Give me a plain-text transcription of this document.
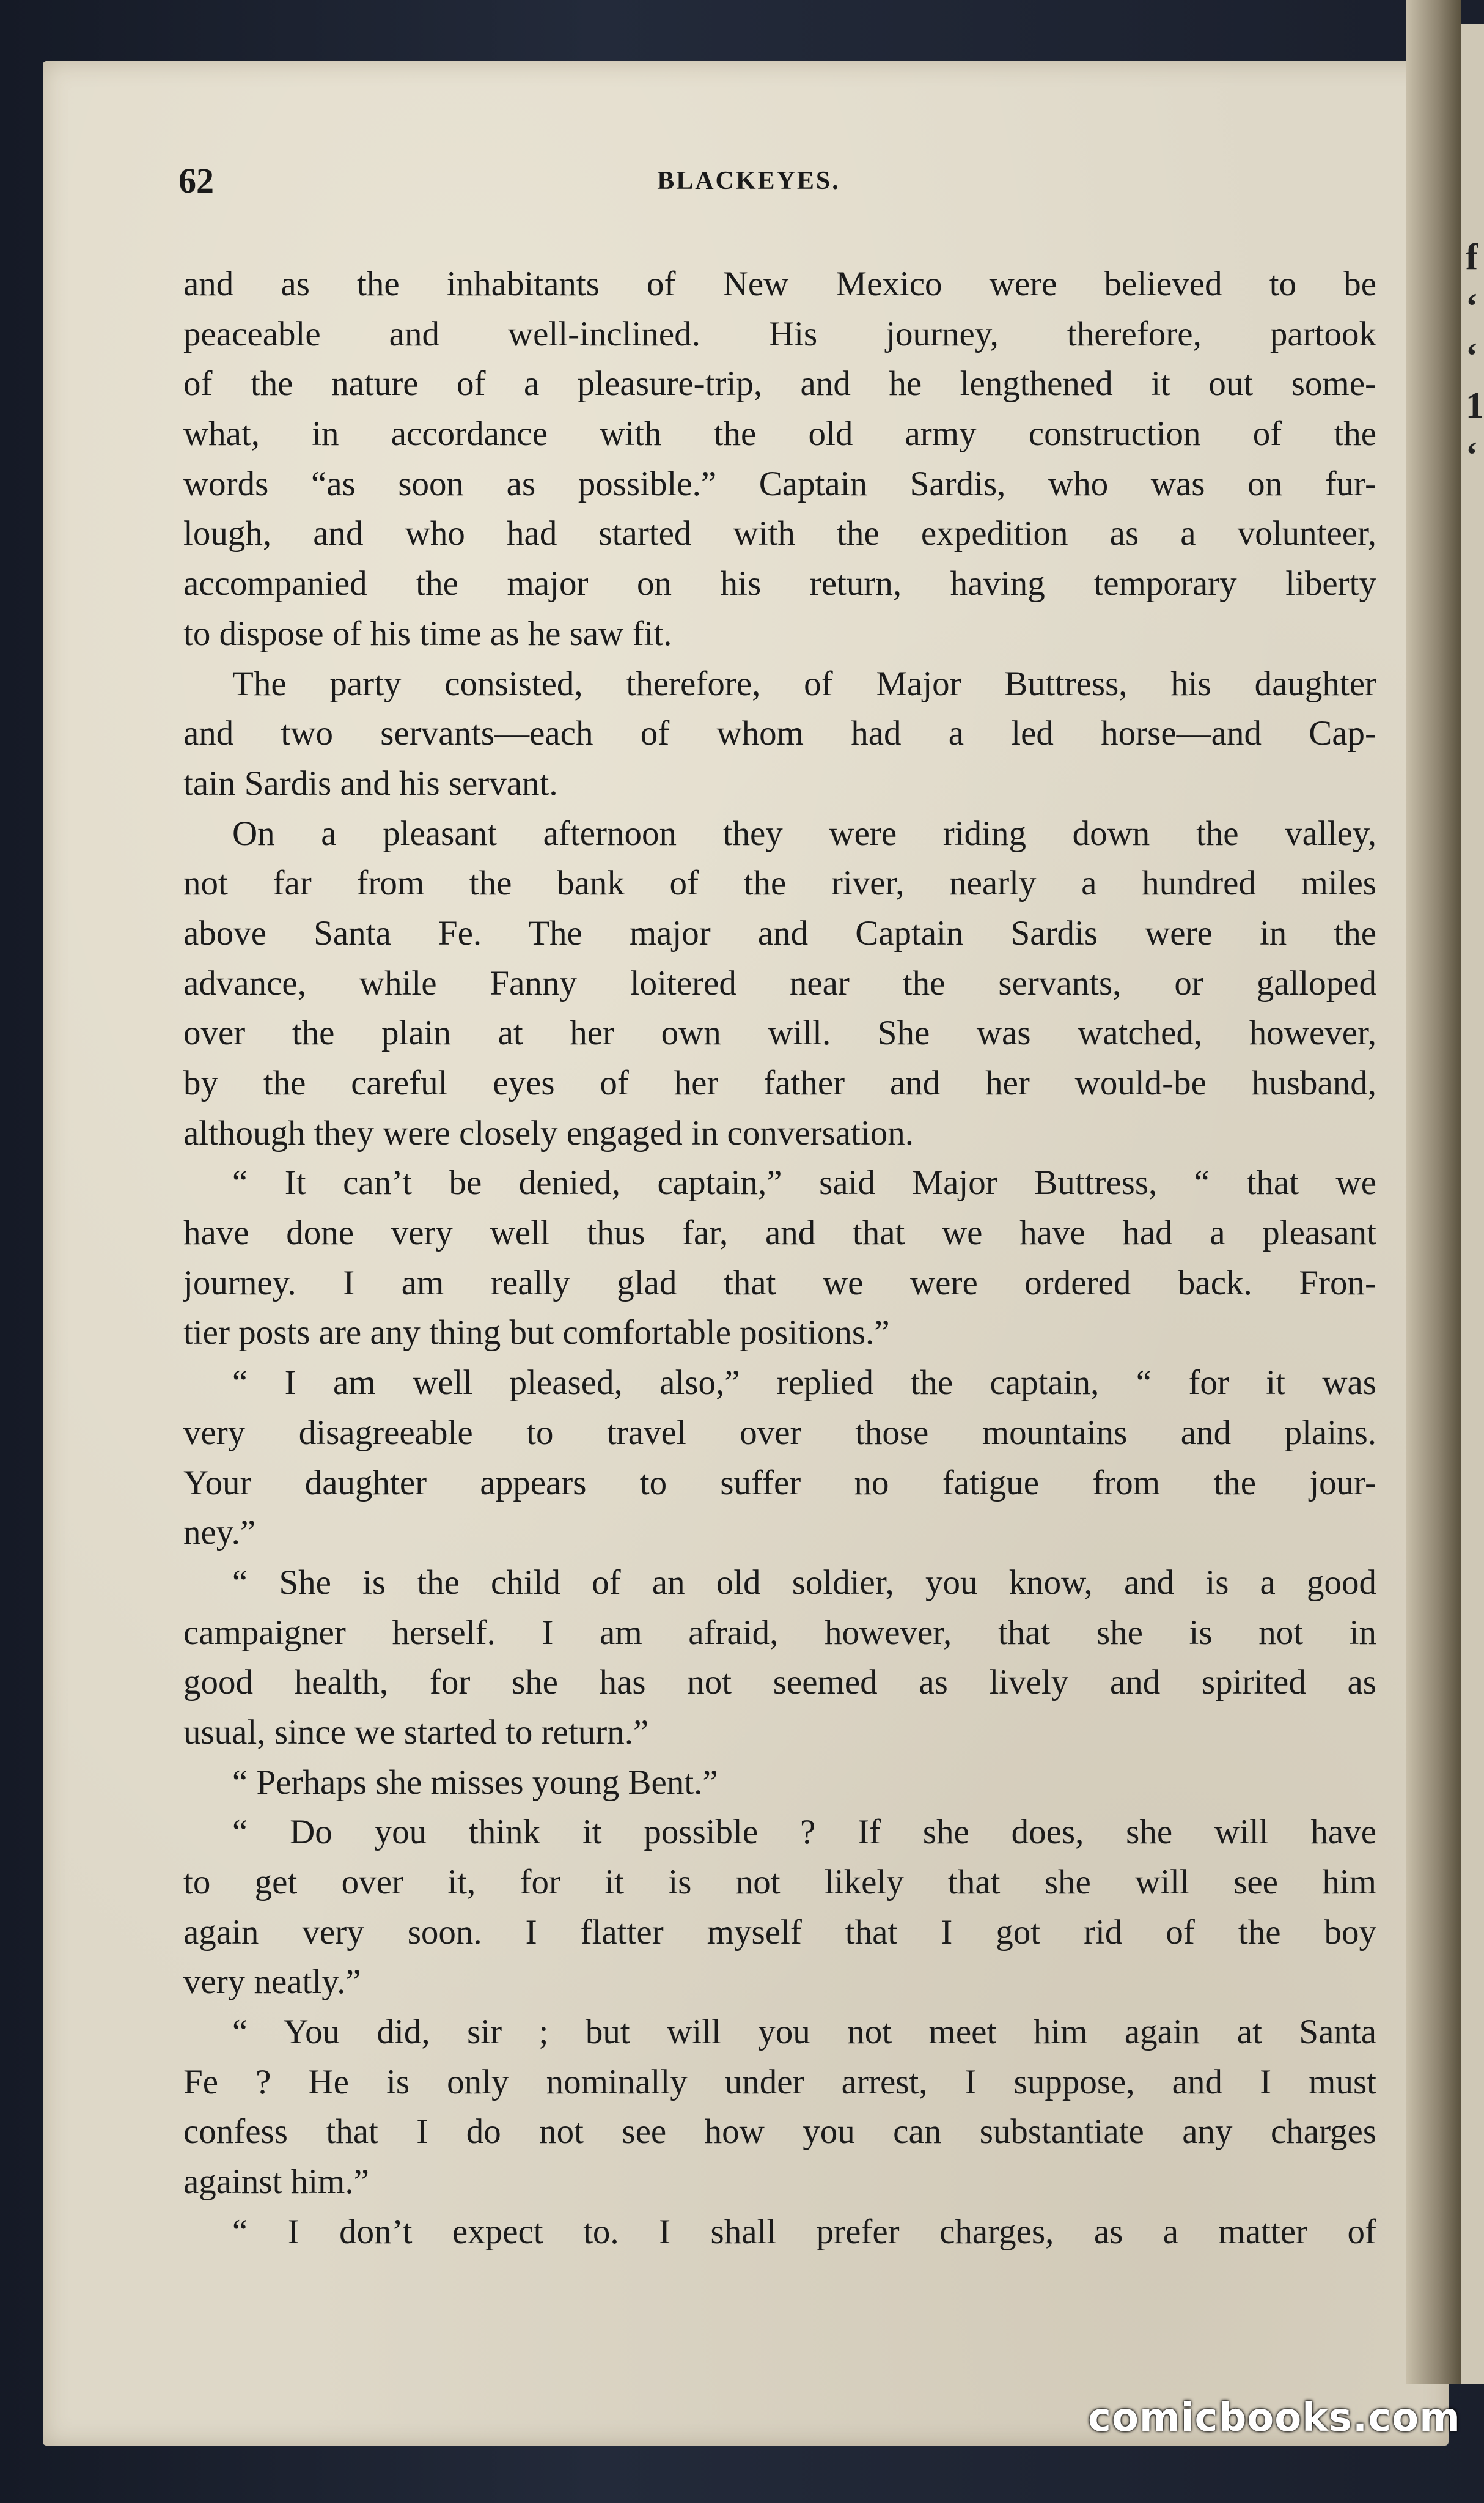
f
‘
‘
1
‘
62	BLACKEYES.
and as the inhabitants of New Mexico were believed to be
peaceable and well-inclined. His journey, therefore, partook
of the nature of a pleasure-trip, and he lengthened it out some-
what, in accordance with the old army construction of the
words “as soon as possible.” Captain Sardis, who was on fur-
lough, and who had started with the expedition as a volunteer,
accompanied the major on his return, having temporary liberty
to dispose of his time as he saw fit.
The party consisted, therefore, of Major Buttress, his daughter
and two servants—each of whom had a led horse—and Cap-
tain Sardis and his servant.
On a pleasant afternoon they were riding down the valley,
not far from the bank of the river, nearly a hundred miles
above Santa Fe. The major and Captain Sardis were in the
advance, while Fanny loitered near the servants, or galloped
over the plain at her own will. She was watched, however,
by the careful eyes of her father and her would-be husband,
although they were closely engaged in conversation.
“ It can’t be denied, captain,” said Major Buttress, “ that we
have done very well thus far, and that we have had a pleasant
journey. I am really glad that we were ordered back. Fron-
tier posts are any thing but comfortable positions.”
“ I am well pleased, also,” replied the captain, “ for it was
very disagreeable to travel over those mountains and plains.
Your daughter appears to suffer no fatigue from the jour-
ney.”
“ She is the child of an old soldier, you know, and is a good
campaigner herself. I am afraid, however, that she is not in
good health, for she has not seemed as lively and spirited as
usual, since we started to return.”
“ Perhaps she misses young Bent.”
“ Do you think it possible ? If she does, she will have
to get over it, for it is not likely that she will see him
again very soon. I flatter myself that I got rid of the boy
very neatly.”
“ You did, sir ; but will you not meet him again at Santa
Fe ? He is only nominally under arrest, I suppose, and I must
confess that I do not see how you can substantiate any charges
against him.”
“ I don’t expect to. I shall prefer charges, as a matter of
comicbooks.com
